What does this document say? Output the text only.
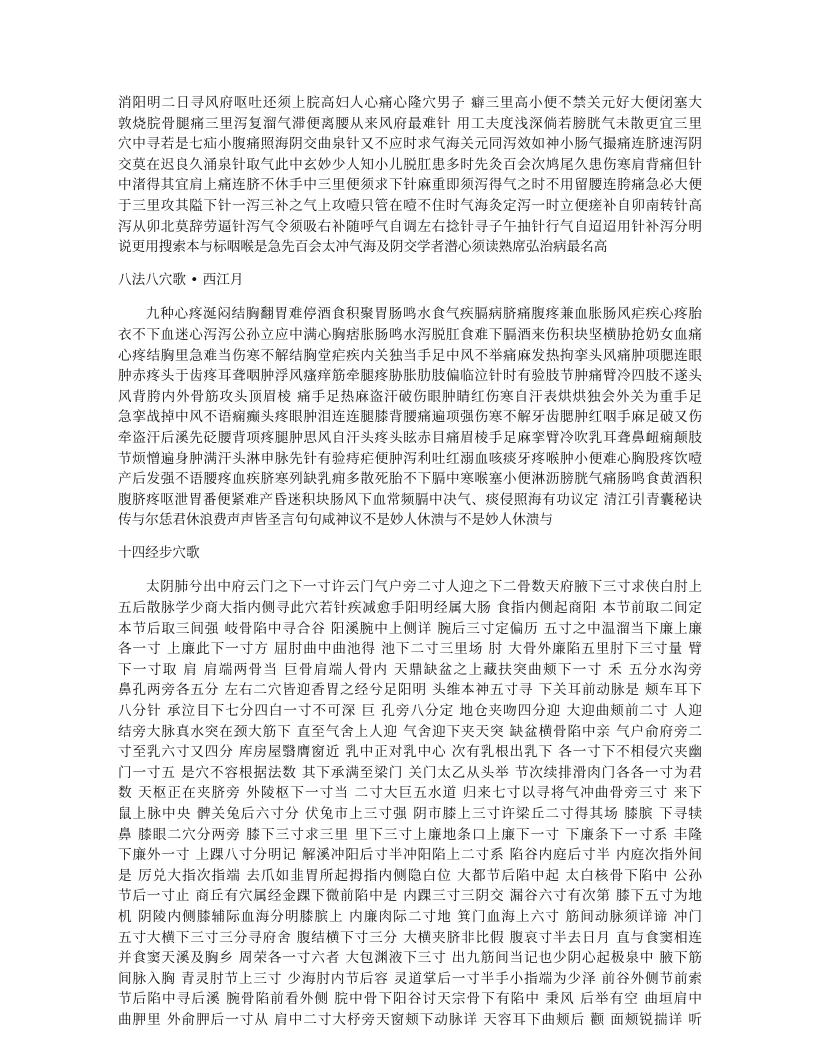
消阳明二日寻风府呕吐还须上脘高妇人心痛心隆穴男子 癖三里高小便不禁关元好大便闭塞大
敦烧脘骨腿痛三里泻复溜气滞便离腰从来风府最难针 用工夫度浅深倘若膀胱气未散更宜三里
穴中寻若是七疝小腹痛照海阴交曲泉针又不应时求气海关元同泻效如神小肠气撮痛连脐速泻阴
交莫在迟良久涌泉针取气此中玄妙少人知小儿脱肛患多时先灸百会次鸠尾久患伤寒肩背痛但针
中渚得其宜肩上痛连脐不休手中三里便须求下针麻重即须泻得气之时不用留腰连胯痛急必大便
于三里攻其隘下针一泻三补之气上攻噎只管在噎不住时气海灸定泻一时立便瘥补自卯南转针高
泻从卯北莫辞劳逼针泻气令须吸右补随呼气自调左右捻针寻子午抽针行气自迢迢用针补泻分明
说更用搜索本与标咽喉是急先百会太冲气海及阴交学者潜心须读熟席弘治病最名高
八法八穴歌 • 西江月
九种心疼涎闷结胸翻胃难停酒食积聚胃肠鸣水食气疾膈病脐痛腹疼兼血胀肠风疟疾心疼胎
衣不下血迷心泻泻公孙立应中满心胸痞胀肠鸣水泻脱肛食难下膈酒来伤积块坚横胁抢奶女血痛
心疼结胸里急难当伤寒不解结胸堂疟疾内关独当手足中风不举痛麻发热拘挛头风痛肿项腮连眼
肿赤疼头于齿疼耳聋咽肿浮风瘙痒筋牵腿疼胁胀肋肢偏临泣针时有验肢节肿痛臂冷四肢不遂头
风背胯内外骨筋攻头顶眉棱 痛手足热麻盗汗破伤眼肿睛红伤寒自汗表烘烘独会外关为重手足
急挛战掉中风不语痫癫头疼眼肿泪连连腿膝背腰痛遍项强伤寒不解牙齿腮肿红咽手麻足破又伤
牵盗汗后溪先砭腰背项疼腿肿思风自汗头疼头眩赤目痛眉棱手足麻挛臂冷吹乳耳聋鼻衄痫颠肢
节烦憎遍身肿满汗头淋申脉先针有验痔疟便肿泻利吐红溺血咳痰牙疼喉肿小便难心胸股疼饮噎
产后发强不语腰疼血疾脐寒列缺乳痈多散死胎不下膈中寒喉塞小便淋沥膀胱气痛肠鸣食黄酒积
腹脐疼呕泄胃番便紧难产昏迷积块肠风下血常频膈中决气、痰侵照海有功议定 清江引青囊秘诀
传与尔恁君休浪费声声皆圣言句句咸神议不是妙人休溃与不是妙人休溃与
十四经步穴歌
太阴肺兮出中府云门之下一寸许云门气户旁二寸人迎之下二骨数天府腋下三寸求侠白肘上
五后散脉学少商大指内侧寻此穴若针疾减愈手阳明经属大肠 食指内侧起商阳 本节前取二间定
本节后取三间强 岐骨陷中寻合谷 阳溪腕中上侧详 腕后三寸定偏历 五寸之中温溜当下廉上廉
各一寸 上廉此下一寸方 屈肘曲中曲池得 池下二寸三里场 肘 大骨外廉陷五里肘下三寸量 臂
下一寸取 肩 肩端两骨当 巨骨肩端人骨内 天鼎缺盆之上藏扶突曲颊下一寸 禾 五分水沟旁
鼻孔两旁各五分 左右二穴皆迎香胃之经兮足阳明 头维本神五寸寻 下关耳前动脉是 颊车耳下
八分针 承泣目下七分四白一寸不可深 巨 孔旁八分定 地仓夹吻四分迎 大迎曲颊前二寸 人迎
结旁大脉真水突在颈大筋下 直至气舍上人迎 气舍迎下夹天突 缺盆横骨陷中亲 气户俞府旁二
寸至乳六寸又四分 库房屋翳膺窗近 乳中正对乳中心 次有乳根出乳下 各一寸下不相侵穴夹幽
门一寸五 是穴不容根据法数 其下承满至梁门 关门太乙从头举 节次续排滑肉门各各一寸为君
数 天枢正在夹脐旁 外陵枢下一寸当 二寸大巨五水道 归来七寸以寻将气冲曲骨旁三寸 来下
鼠上脉中央 髀关兔后六寸分 伏兔市上三寸强 阴市膝上三寸许梁丘二寸得其场 膝膑 下寻犊
鼻 膝眼二穴分两旁 膝下三寸求三里 里下三寸上廉地条口上廉下一寸 下廉条下一寸系 丰隆
下廉外一寸 上踝八寸分明记 解溪冲阳后寸半冲阳陷上二寸系 陷谷内庭后寸半 内庭次指外间
是 厉兑大指次指端 去爪如韭胃所起拇指内侧隐白位 大都节后陷中起 太白核骨下陷中 公孙
节后一寸止 商丘有穴属经金踝下微前陷中是 内踝三寸三阴交 漏谷六寸有次第 膝下五寸为地
机 阴陵内侧膝辅际血海分明膝膑上 内廉肉际二寸地 箕门血海上六寸 筋间动脉须详谛 冲门
五寸大横下三寸三分寻府舍 腹结横下寸三分 大横夹脐非比假 腹哀寸半去日月 直与食窦相连
并食窦天溪及胸乡 周荣各一寸六者 大包渊液下三寸 出九筋间当记也少阴心起极泉中 腋下筋
间脉入胸 青灵肘节上三寸 少海肘内节后容 灵道掌后一寸半手小指端为少泽 前谷外侧节前索
节后陷中寻后溪 腕骨陷前看外侧 脘中骨下阳谷讨天宗骨下有陷中 秉风 后举有空 曲垣肩中
曲胛里 外俞胛后一寸从 肩中二寸大杼旁天窗颊下动脉详 天容耳下曲颊后 颧 面颊锐揣详 听
